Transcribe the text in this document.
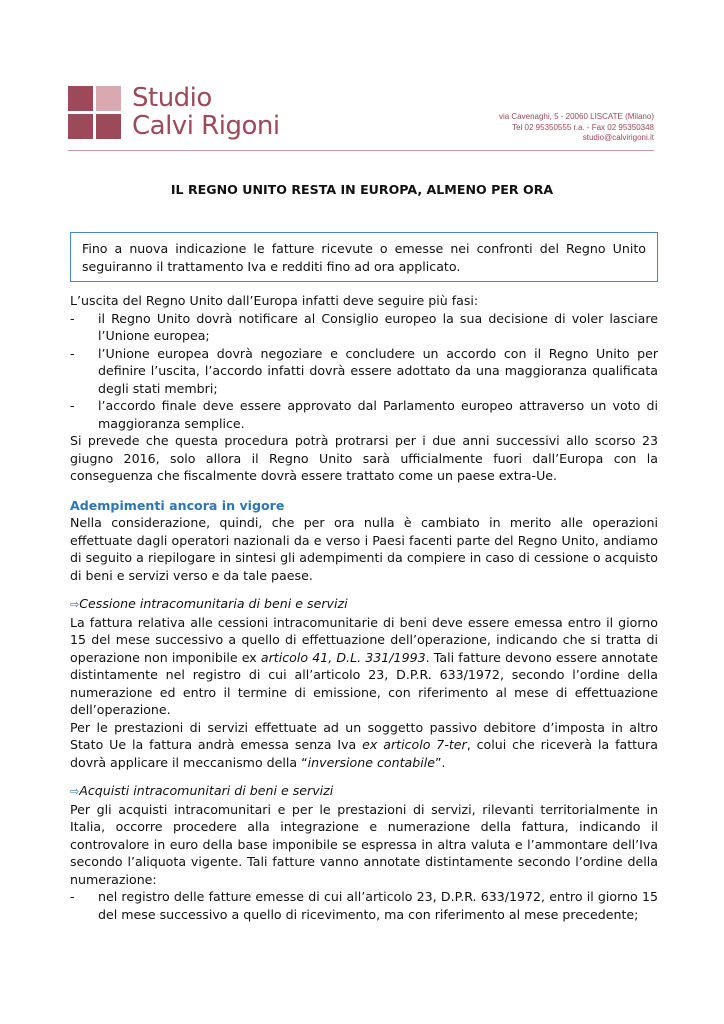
Studio
Calvi Rigoni	via Cavenaghi, 5 - 20060 LISCATE (Milano)
Tel 02 95350555 r.a. - Fax 02 95350348
studio@calvirigoni.it
IL REGNO UNITO RESTA IN EUROPA, ALMENO PER ORA
Fino a nuova indicazione le fatture ricevute o emesse nei confronti del Regno Unito seguiranno il trattamento Iva e redditi fino ad ora applicato.

L’uscita del Regno Unito dall’Europa infatti deve seguire più fasi:

- il Regno Unito dovrà notificare al Consiglio europeo la sua decisione di voler lasciare l’Unione europea;

- l’Unione europea dovrà negoziare e concludere un accordo con il Regno Unito per definire l’uscita, l’accordo infatti dovrà essere adottato da una maggioranza qualificata degli stati membri;

- l’accordo finale deve essere approvato dal Parlamento europeo attraverso un voto di maggioranza semplice.

Si prevede che questa procedura potrà protrarsi per i due anni successivi allo scorso 23 giugno 2016, solo allora il Regno Unito sarà ufficialmente fuori dall’Europa con la conseguenza che fiscalmente dovrà essere trattato come un paese extra-Ue.

Adempimenti ancora in vigore

Nella considerazione, quindi, che per ora nulla è cambiato in merito alle operazioni effettuate dagli operatori nazionali da e verso i Paesi facenti parte del Regno Unito, andiamo di seguito a riepilogare in sintesi gli adempimenti da compiere in caso di cessione o acquisto di beni e servizi verso e da tale paese.

⇨Cessione intracomunitaria di beni e servizi

La fattura relativa alle cessioni intracomunitarie di beni deve essere emessa entro il giorno 15 del mese successivo a quello di effettuazione dell’operazione, indicando che si tratta di operazione non imponibile ex articolo 41, D.L. 331/1993. Tali fatture devono essere annotate distintamente nel registro di cui all’articolo 23, D.P.R. 633/1972, secondo l’ordine della numerazione ed entro il termine di emissione, con riferimento al mese di effettuazione dell’operazione.

Per le prestazioni di servizi effettuate ad un soggetto passivo debitore d’imposta in altro Stato Ue la fattura andrà emessa senza Iva ex articolo 7-ter, colui che riceverà la fattura dovrà applicare il meccanismo della “inversione contabile”.

⇨Acquisti intracomunitari di beni e servizi

Per gli acquisti intracomunitari e per le prestazioni di servizi, rilevanti territorialmente in Italia, occorre procedere alla integrazione e numerazione della fattura, indicando il controvalore in euro della base imponibile se espressa in altra valuta e l’ammontare dell’Iva secondo l’aliquota vigente. Tali fatture vanno annotate distintamente secondo l’ordine della numerazione:

- nel registro delle fatture emesse di cui all’articolo 23, D.P.R. 633/1972, entro il giorno 15 del mese successivo a quello di ricevimento, ma con riferimento al mese precedente;
